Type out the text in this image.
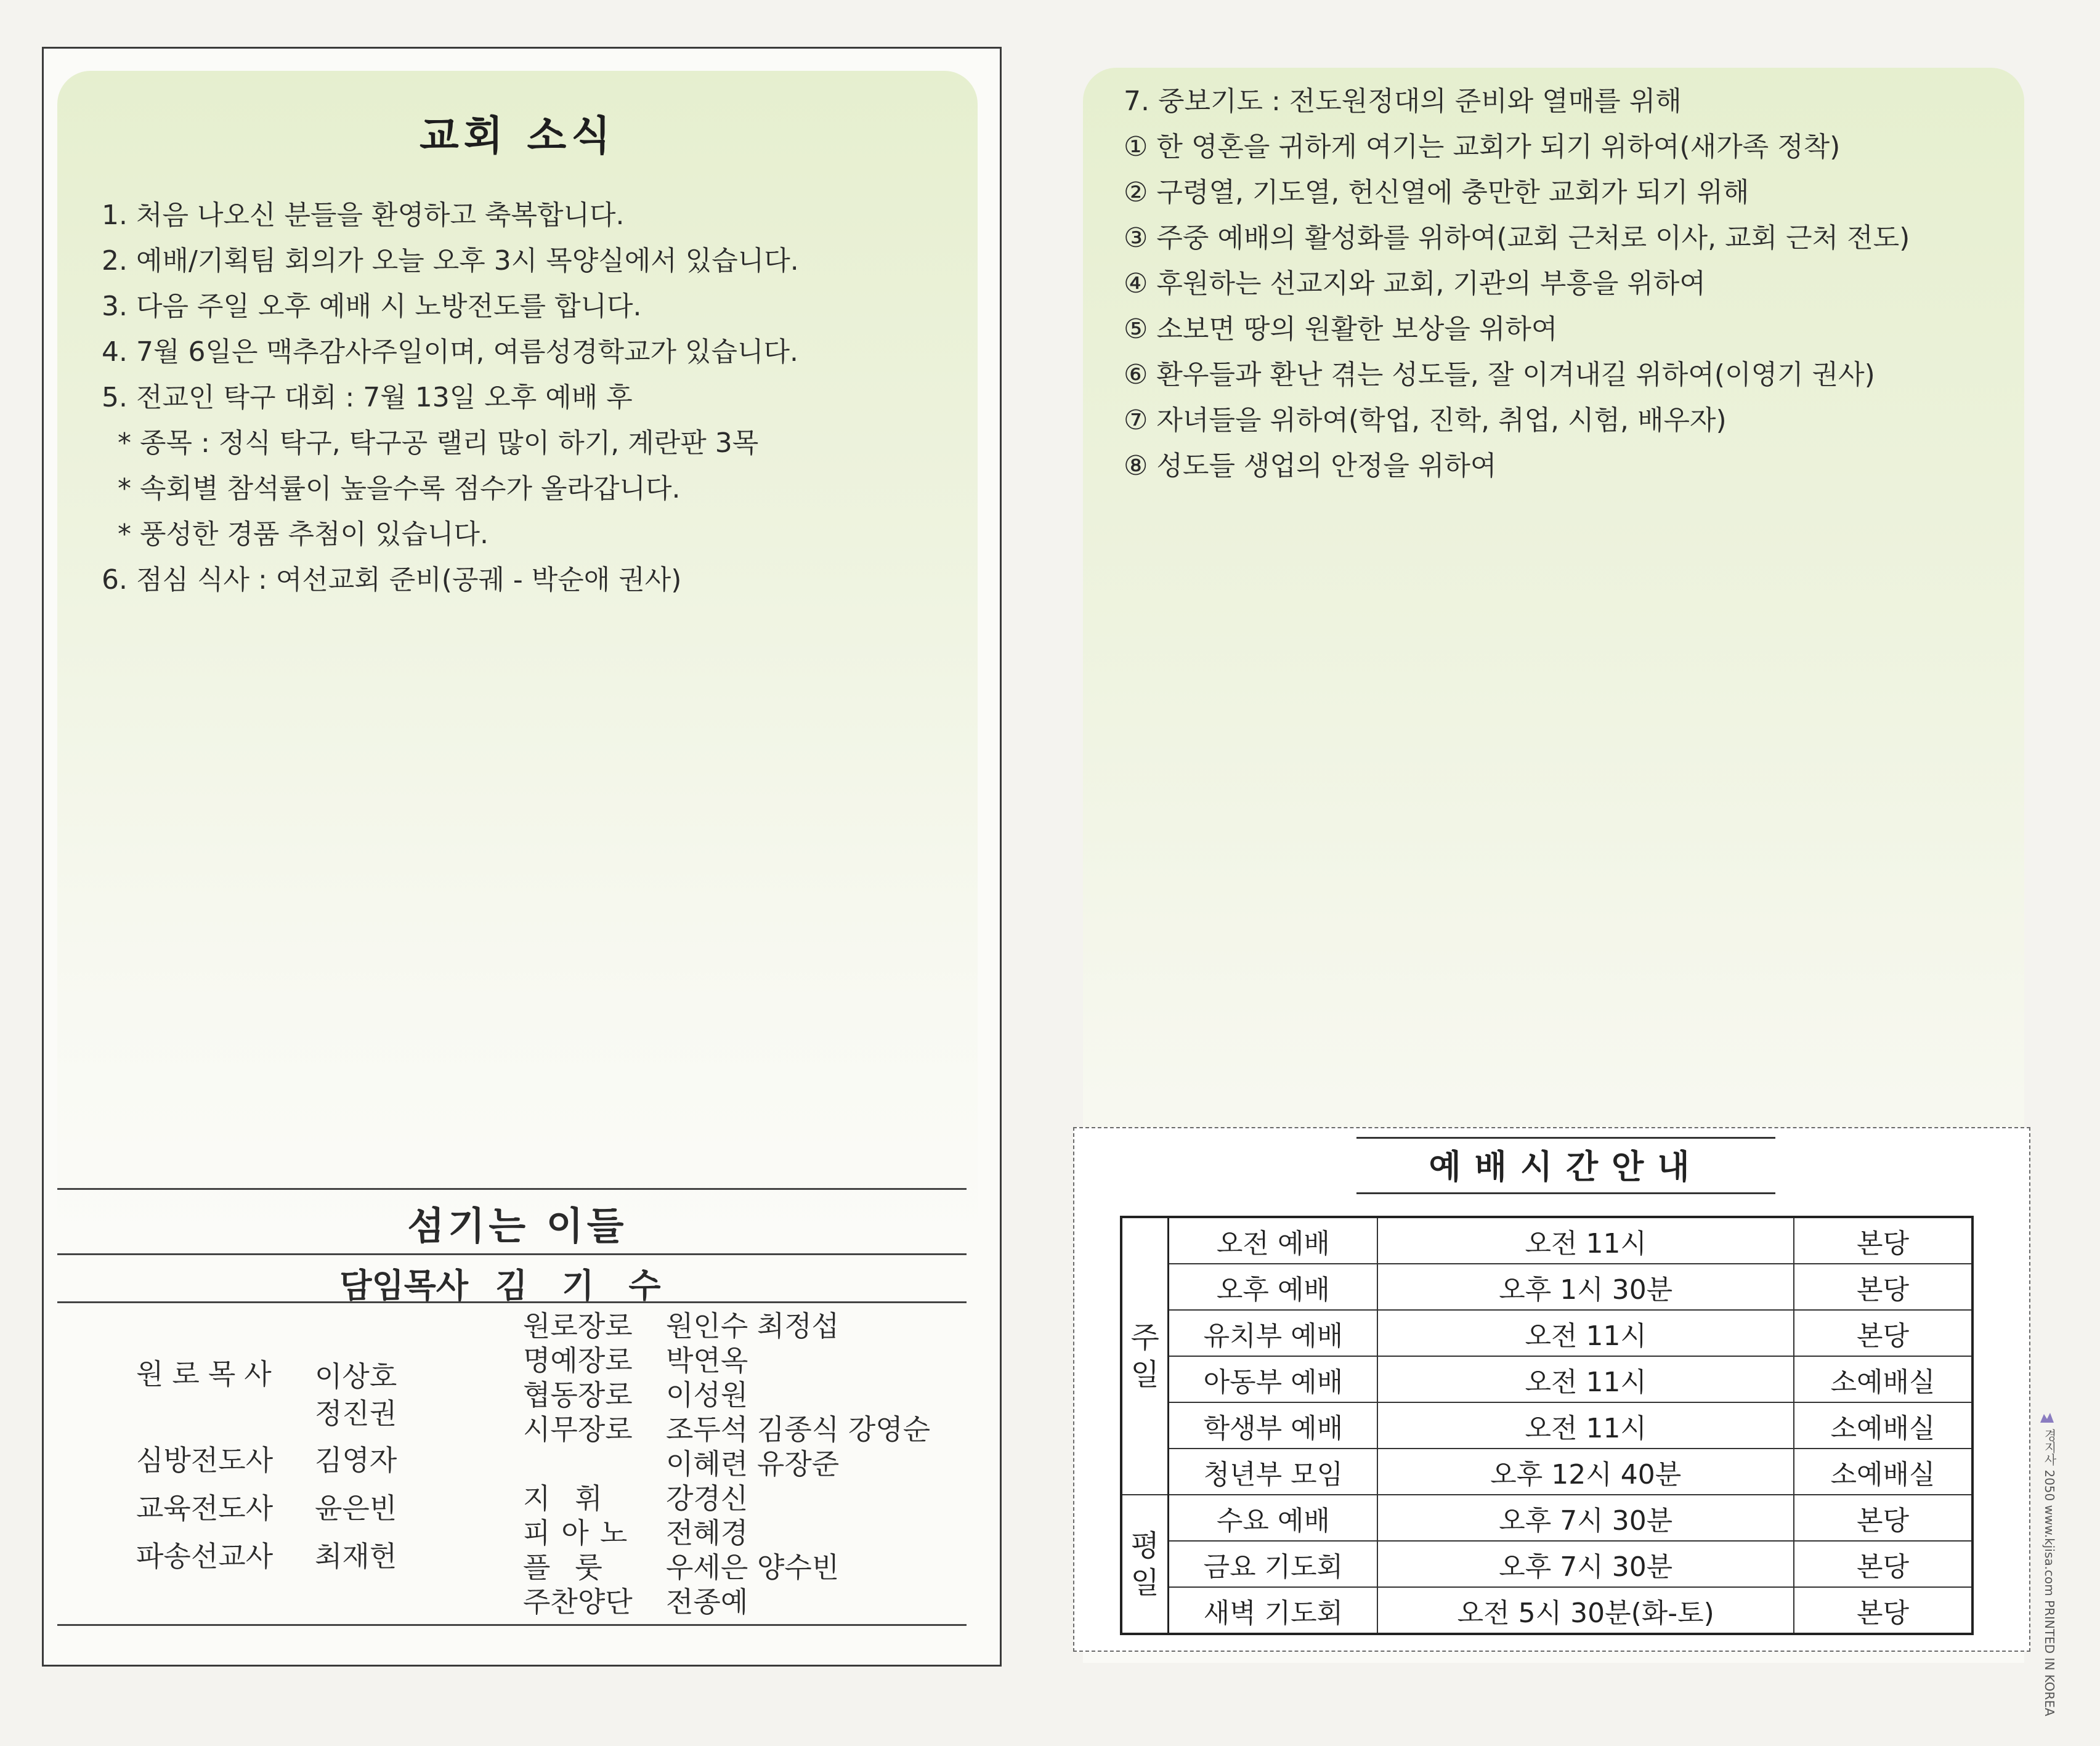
교회 소식
1. 처음 나오신 분들을 환영하고 축복합니다.
2. 예배/기획팀 회의가 오늘 오후 3시 목양실에서 있습니다.
3. 다음 주일 오후 예배 시 노방전도를 합니다.
4. 7월 6일은 맥추감사주일이며, 여름성경학교가 있습니다.
5. 전교인 탁구 대회 : 7월 13일 오후 예배 후
* 종목 : 정식 탁구, 탁구공 랠리 많이 하기, 계란판 3목
* 속회별 참석률이 높을수록 점수가 올라갑니다.
* 풍성한 경품 추첨이 있습니다.
6. 점심 식사 : 여선교회 준비(공궤 - 박순애 권사)
섬기는 이들
담임목사 김기수
원로목사 이상호
정진권
심방전도사 김영자
교육전도사 윤은빈
파송선교사 최재헌
원로장로 원인수 최정섭
명예장로 박연옥
협동장로 이성원
시무장로 조두석 김종식 강영순
이혜련 유장준
지휘 강경신
피아노 전혜경
플룻 우세은 양수빈
주찬양단 전종예
7. 중보기도 : 전도원정대의 준비와 열매를 위해
① 한 영혼을 귀하게 여기는 교회가 되기 위하여(새가족 정착)
② 구령열, 기도열, 헌신열에 충만한 교회가 되기 위해
③ 주중 예배의 활성화를 위하여(교회 근처로 이사, 교회 근처 전도)
④ 후원하는 선교지와 교회, 기관의 부흥을 위하여
⑤ 소보면 땅의 원활한 보상을 위하여
⑥ 환우들과 환난 겪는 성도들, 잘 이겨내길 위하여(이영기 권사)
⑦ 자녀들을 위하여(학업, 진학, 취업, 시험, 배우자)
⑧ 성도들 생업의 안정을 위하여
예배시간안내
주
일	오전 예배	오전 11시	본당
	오후 예배	오후 1시 30분	본당
	유치부 예배	오전 11시	본당
	아동부 예배	오전 11시	소예배실
	학생부 예배	오전 11시	소예배실
	청년부 모임	오후 12시 40분	소예배실
평
일	수요 예배	오후 7시 30분	본당
	금요 기도회	오후 7시 30분	본당
	새벽 기도회	오전 5시 30분(화-토)	본당	경지사 2050 www.kjisa.com PRINTED IN KOREA
